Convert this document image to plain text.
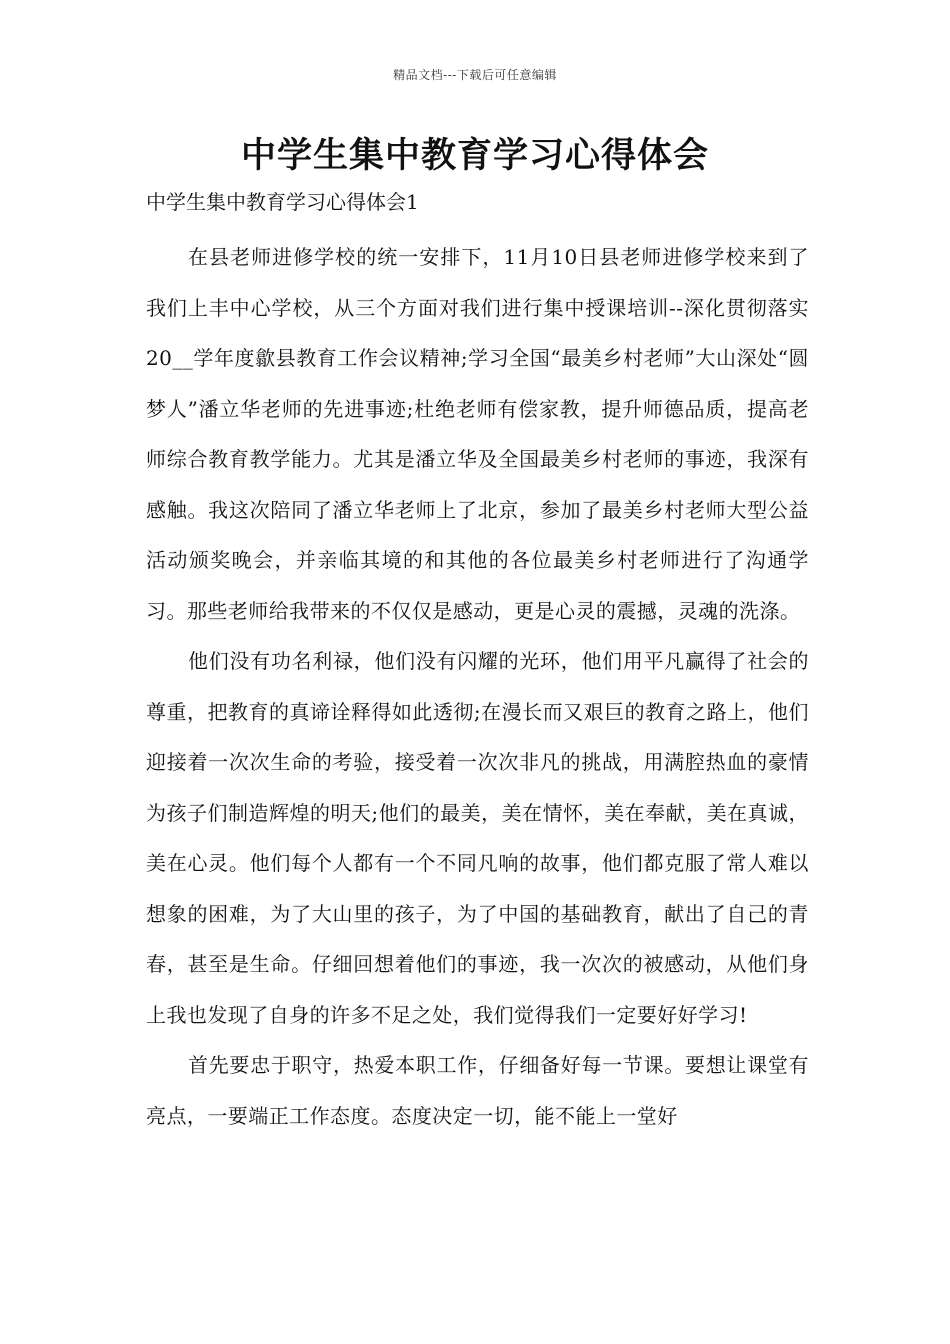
精品文档---下载后可任意编辑
中学生集中教育学习心得体会
中学生集中教育学习心得体会1

在县老师进修学校的统一安排下，11月10日县老师进修学校来到了我们上丰中心学校，从三个方面对我们进行集中授课培训--深化贯彻落实20__学年度歙县教育工作会议精神;学习全国“最美乡村老师”大山深处“圆梦人”潘立华老师的先进事迹;杜绝老师有偿家教，提升师德品质，提高老师综合教育教学能力。尤其是潘立华及全国最美乡村老师的事迹，我深有感触。我这次陪同了潘立华老师上了北京，参加了最美乡村老师大型公益活动颁奖晚会，并亲临其境的和其他的各位最美乡村老师进行了沟通学习。那些老师给我带来的不仅仅是感动，更是心灵的震撼，灵魂的洗涤。

他们没有功名利禄，他们没有闪耀的光环，他们用平凡赢得了社会的尊重，把教育的真谛诠释得如此透彻;在漫长而又艰巨的教育之路上，他们迎接着一次次生命的考验，接受着一次次非凡的挑战，用满腔热血的豪情为孩子们制造辉煌的明天;他们的最美，美在情怀，美在奉献，美在真诚，美在心灵。他们每个人都有一个不同凡响的故事，他们都克服了常人难以想象的困难，为了大山里的孩子，为了中国的基础教育，献出了自己的青春，甚至是生命。仔细回想着他们的事迹，我一次次的被感动，从他们身上我也发现了自身的许多不足之处，我们觉得我们一定要好好学习!

首先要忠于职守，热爱本职工作，仔细备好每一节课。要想让课堂有亮点，一要端正工作态度。态度决定一切，能不能上一堂好
